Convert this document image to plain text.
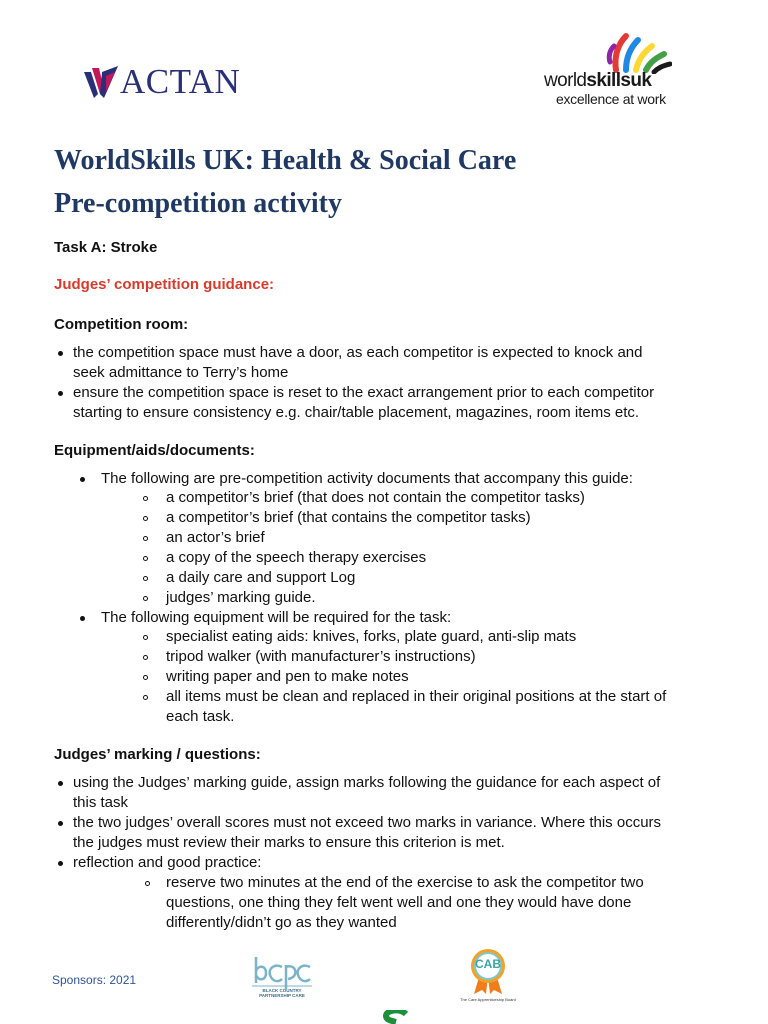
ACTAN	worldskillsuk
excellence at work
WorldSkills UK: Health & Social Care
Pre-competition activity
Task A: Stroke
Judges’ competition guidance:
Competition room:
the competition space must have a door, as each competitor is expected to knock and
seek admittance to Terry’s home
ensure the competition space is reset to the exact arrangement prior to each competitor
starting to ensure consistency e.g. chair/table placement, magazines, room items etc.
Equipment/aids/documents:
The following are pre-competition activity documents that accompany this guide:
a competitor’s brief (that does not contain the competitor tasks)
a competitor’s brief (that contains the competitor tasks)
an actor’s brief
a copy of the speech therapy exercises
a daily care and support Log
judges’ marking guide.
The following equipment will be required for the task:
specialist eating aids: knives, forks, plate guard, anti-slip mats
tripod walker (with manufacturer’s instructions)
writing paper and pen to make notes
all items must be clean and replaced in their original positions at the start of
each task.
Judges’ marking / questions:
using the Judges’ marking guide, assign marks following the guidance for each aspect of
this task
the two judges’ overall scores must not exceed two marks in variance. Where this occurs
the judges must review their marks to ensure this criterion is met.
reflection and good practice:
reserve two minutes at the end of the exercise to ask the competitor two
questions, one thing they felt went well and one they would have done
differently/didn’t go as they wanted
Sponsors: 2021
BLACK COUNTRY PARTNERSHIP CARE
CAB
The Care Apprenticeship Board
